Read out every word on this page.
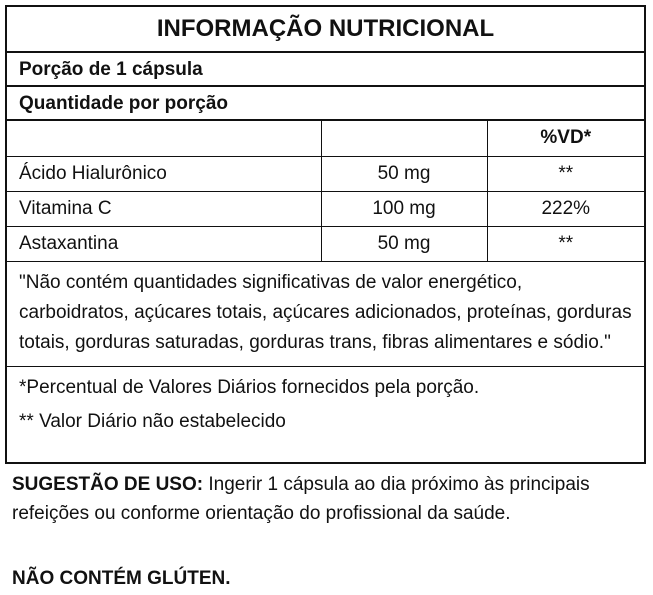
INFORMAÇÃO NUTRICIONAL
Porção de 1 cápsula
Quantidade por porção
		%VD*
Ácido Hialurônico	50 mg	**
Vitamina C	100 mg	222%
Astaxantina	50 mg	**
"Não contém quantidades significativas de valor energético, carboidratos, açúcares totais, açúcares adicionados, proteínas, gorduras totais, gorduras saturadas, gorduras trans, fibras alimentares e sódio."
*Percentual de Valores Diários fornecidos pela porção.
** Valor Diário não estabelecido
SUGESTÃO DE USO: Ingerir 1 cápsula ao dia próximo às principais refeições ou conforme orientação do profissional da saúde.
NÃO CONTÉM GLÚTEN.
